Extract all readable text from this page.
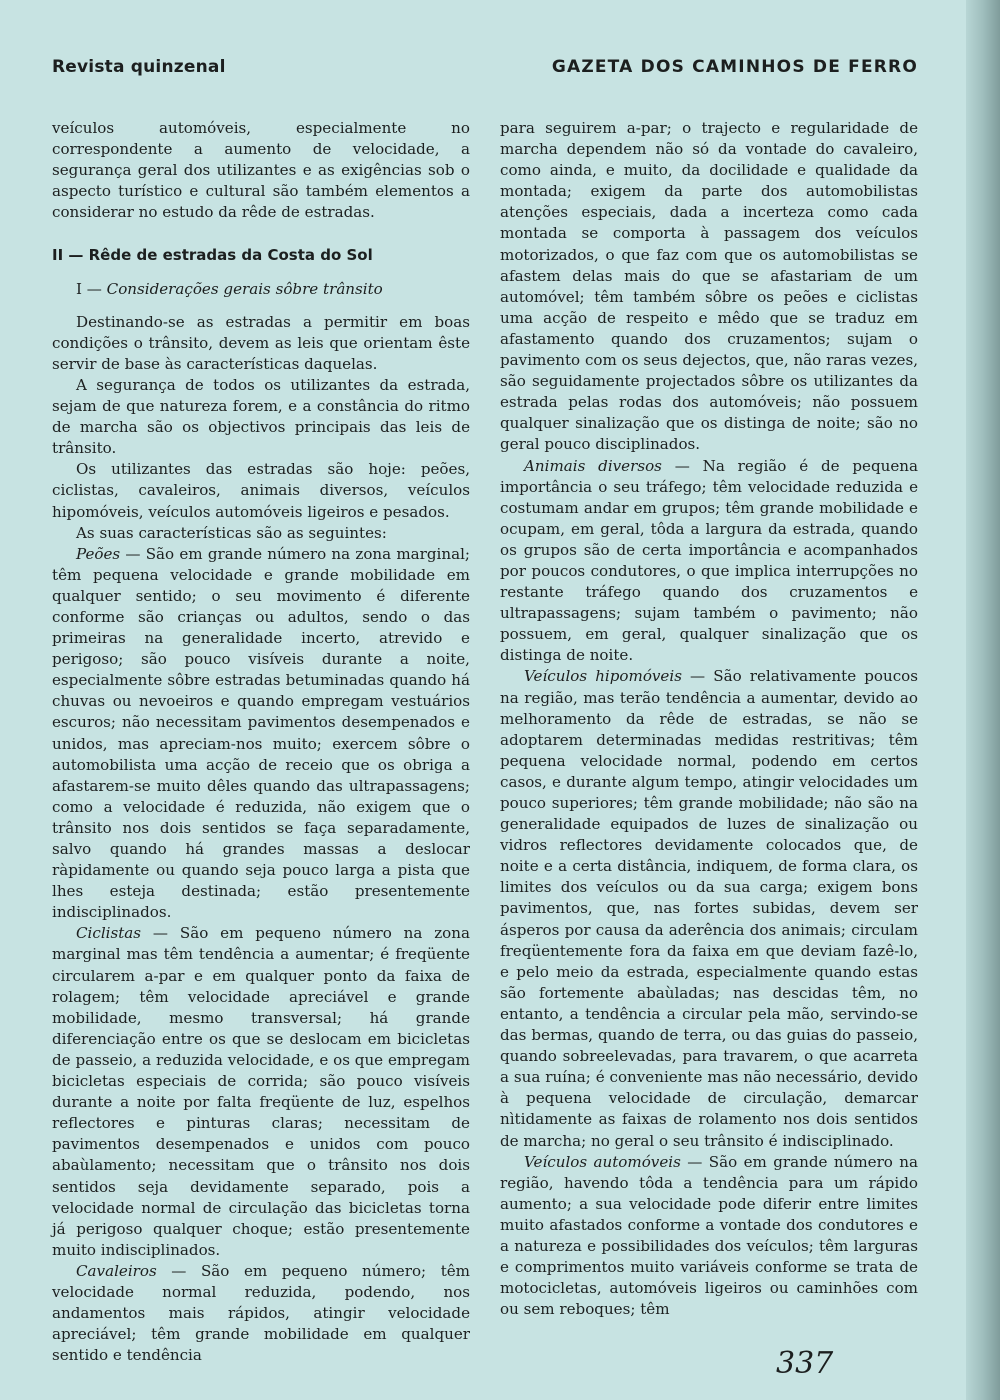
Revista quinzenal	GAZETA DOS CAMINHOS DE FERRO

veículos automóveis, especialmente no correspondente a aumento de velocidade, a segurança geral dos utilizantes e as exigências sob o aspecto turístico e cultural são também elementos a considerar no estudo da rêde de estradas.

II — Rêde de estradas da Costa do Sol
I — Considerações gerais sôbre trânsito

Destinando-se as estradas a permitir em boas condições o trânsito, devem as leis que orientam êste servir de base às características daquelas.

A segurança de todos os utilizantes da estrada, sejam de que natureza forem, e a constância do ritmo de marcha são os objectivos principais das leis de trânsito.

Os utilizantes das estradas são hoje: peões, ciclistas, cavaleiros, animais diversos, veículos hipomóveis, veículos automóveis ligeiros e pesados.

As suas características são as seguintes:

Peões — São em grande número na zona marginal; têm pequena velocidade e grande mobilidade em qualquer sentido; o seu movimento é diferente conforme são crianças ou adultos, sendo o das primeiras na generalidade incerto, atrevido e perigoso; são pouco visíveis durante a noite, especialmente sôbre estradas betuminadas quando há chuvas ou nevoeiros e quando empregam vestuários escuros; não necessitam pavimentos desempenados e unidos, mas apreciam-nos muito; exercem sôbre o automobilista uma acção de receio que os obriga a afastarem-se muito dêles quando das ultrapassagens; como a velocidade é reduzida, não exigem que o trânsito nos dois sentidos se faça separadamente, salvo quando há grandes massas a deslocar ràpidamente ou quando seja pouco larga a pista que lhes esteja destinada; estão presentemente indisciplinados.

Ciclistas — São em pequeno número na zona marginal mas têm tendência a aumentar; é freqüente circularem a-par e em qualquer ponto da faixa de rolagem; têm velocidade apreciável e grande mobilidade, mesmo transversal; há grande diferenciação entre os que se deslocam em bicicletas de passeio, a reduzida velocidade, e os que empregam bicicletas especiais de corrida; são pouco visíveis durante a noite por falta freqüente de luz, espelhos reflectores e pinturas claras; necessitam de pavimentos desempenados e unidos com pouco abaùlamento; necessitam que o trânsito nos dois sentidos seja devidamente separado, pois a velocidade normal de circulação das bicicletas torna já perigoso qualquer choque; estão presentemente muito indisciplinados.

Cavaleiros — São em pequeno número; têm velocidade normal reduzida, podendo, nos andamentos mais rápidos, atingir velocidade apreciável; têm grande mobilidade em qualquer sentido e tendência

para seguirem a-par; o trajecto e regularidade de marcha dependem não só da vontade do cavaleiro, como ainda, e muito, da docilidade e qualidade da montada; exigem da parte dos automobilistas atenções especiais, dada a incerteza como cada montada se comporta à passagem dos veículos motorizados, o que faz com que os automobilistas se afastem delas mais do que se afastariam de um automóvel; têm também sôbre os peões e ciclistas uma acção de respeito e mêdo que se traduz em afastamento quando dos cruzamentos; sujam o pavimento com os seus dejectos, que, não raras vezes, são seguidamente projectados sôbre os utilizantes da estrada pelas rodas dos automóveis; não possuem qualquer sinalização que os distinga de noite; são no geral pouco disciplinados.

Animais diversos — Na região é de pequena importância o seu tráfego; têm velocidade reduzida e costumam andar em grupos; têm grande mobilidade e ocupam, em geral, tôda a largura da estrada, quando os grupos são de certa importância e acompanhados por poucos condutores, o que implica interrupções no restante tráfego quando dos cruzamentos e ultrapassagens; sujam também o pavimento; não possuem, em geral, qualquer sinalização que os distinga de noite.

Veículos hipomóveis — São relativamente poucos na região, mas terão tendência a aumentar, devido ao melhoramento da rêde de estradas, se não se adoptarem determinadas medidas restritivas; têm pequena velocidade normal, podendo em certos casos, e durante algum tempo, atingir velocidades um pouco superiores; têm grande mobilidade; não são na generalidade equipados de luzes de sinalização ou vidros reflectores devidamente colocados que, de noite e a certa distância, indiquem, de forma clara, os limites dos veículos ou da sua carga; exigem bons pavimentos, que, nas fortes subidas, devem ser ásperos por causa da aderência dos animais; circulam freqüentemente fora da faixa em que deviam fazê-lo, e pelo meio da estrada, especialmente quando estas são fortemente abaùladas; nas descidas têm, no entanto, a tendência a circular pela mão, servindo-se das bermas, quando de terra, ou das guias do passeio, quando sobreelevadas, para travarem, o que acarreta a sua ruína; é conveniente mas não necessário, devido à pequena velocidade de circulação, demarcar nìtidamente as faixas de rolamento nos dois sentidos de marcha; no geral o seu trânsito é indisciplinado.

Veículos automóveis — São em grande número na região, havendo tôda a tendência para um rápido aumento; a sua velocidade pode diferir entre limites muito afastados conforme a vontade dos condutores e a natureza e possibilidades dos veículos; têm larguras e comprimentos muito variáveis conforme se trata de motocicletas, automóveis ligeiros ou caminhões com ou sem reboques; têm

337
